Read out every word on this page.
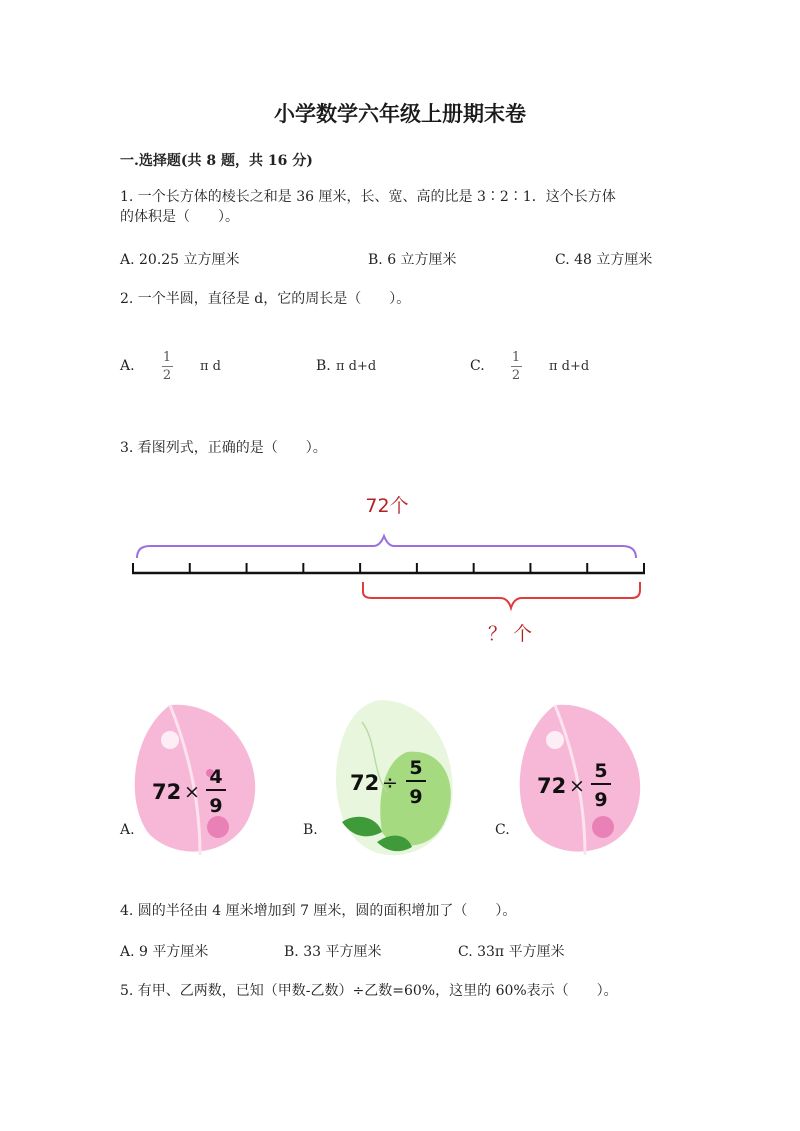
小学数学六年级上册期末卷
一.选择题(共 8 题，共 16 分)
1. 一个长方体的棱长之和是 36 厘米，长、宽、高的比是 3∶2∶1．这个长方体
的体积是（　　）。
A. 20.25 立方厘米	B. 6 立方厘米	C. 48 立方厘米
2. 一个半圆，直径是 d，它的周长是（　　）。
A.
1
2
π d	B. π d+d	C.
1
2
π d+d
3. 看图列式，正确的是（　　）。
72个
？ 个
A.
72 ×
4
9
B.
72 ÷
5
9
C.
72 ×
5
9
4. 圆的半径由 4 厘米增加到 7 厘米，圆的面积增加了（　　）。
A. 9 平方厘米	B. 33 平方厘米	C. 33π 平方厘米
5. 有甲、乙两数，已知（甲数-乙数）÷乙数=60%，这里的 60%表示（　　）。
